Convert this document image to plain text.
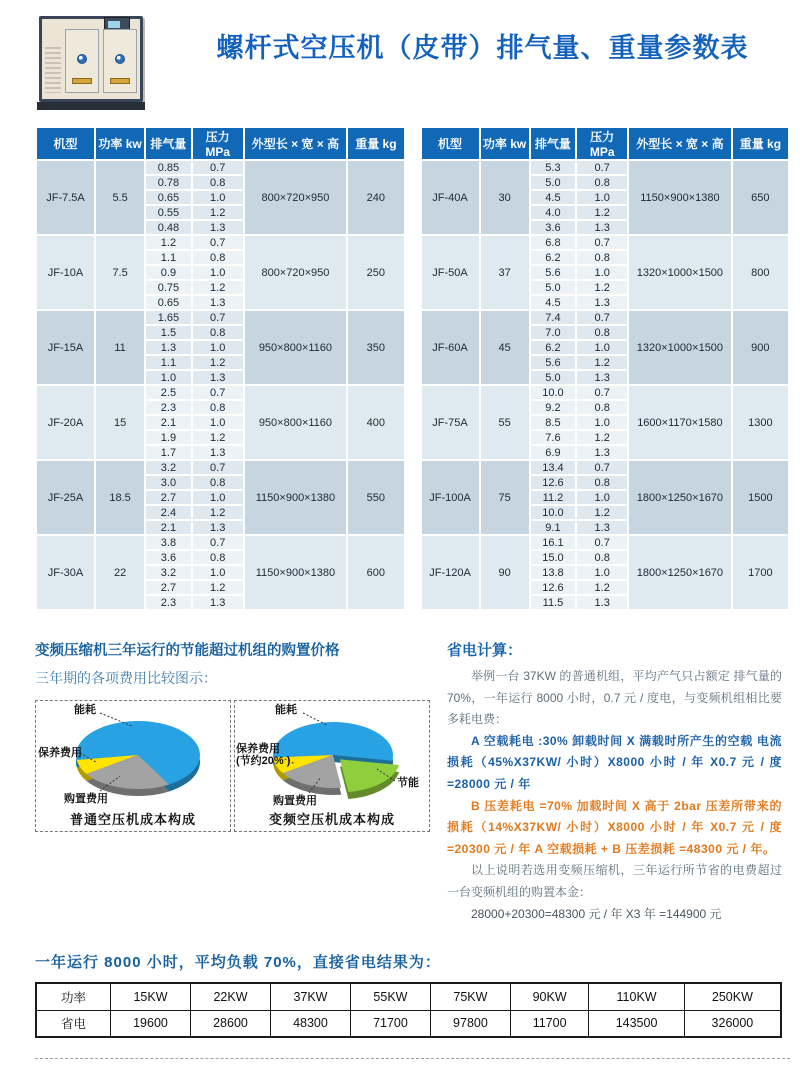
螺杆式空压机（皮带）排气量、重量参数表
机型	功率 kw	排气量	压力 MPa	外型长 × 宽 × 高	重量 kg
JF-7.5A	5.5	0.85	0.7	800×720×950	240
		0.78	0.8		
		0.65	1.0		
		0.55	1.2		
		0.48	1.3		
JF-10A	7.5	1.2	0.7	800×720×950	250
		1.1	0.8		
		0.9	1.0		
		0.75	1.2		
		0.65	1.3		
JF-15A	11	1.65	0.7	950×800×1160	350
		1.5	0.8		
		1.3	1.0		
		1.1	1.2		
		1.0	1.3		
JF-20A	15	2.5	0.7	950×800×1160	400
		2.3	0.8		
		2.1	1.0		
		1.9	1.2		
		1.7	1.3		
JF-25A	18.5	3.2	0.7	1150×900×1380	550
		3.0	0.8		
		2.7	1.0		
		2.4	1.2		
		2.1	1.3		
JF-30A	22	3.8	0.7	1150×900×1380	600
		3.6	0.8		
		3.2	1.0		
		2.7	1.2		
		2.3	1.3		
机型	功率 kw	排气量	压力 MPa	外型长 × 宽 × 高	重量 kg
JF-40A	30	5.3	0.7	1150×900×1380	650
		5.0	0.8		
		4.5	1.0		
		4.0	1.2		
		3.6	1.3		
JF-50A	37	6.8	0.7	1320×1000×1500	800
		6.2	0.8		
		5.6	1.0		
		5.0	1.2		
		4.5	1.3		
JF-60A	45	7.4	0.7	1320×1000×1500	900
		7.0	0.8		
		6.2	1.0		
		5.6	1.2		
		5.0	1.3		
JF-75A	55	10.0	0.7	1600×1170×1580	1300
		9.2	0.8		
		8.5	1.0		
		7.6	1.2		
		6.9	1.3		
JF-100A	75	13.4	0.7	1800×1250×1670	1500
		12.6	0.8		
		11.2	1.0		
		10.0	1.2		
		9.1	1.3		
JF-120A	90	16.1	0.7	1800×1250×1670	1700
		15.0	0.8		
		13.8	1.0		
		12.6	1.2		
		11.5	1.3		
变频压缩机三年运行的节能超过机组的购置价格
三年期的各项费用比较图示：
能耗
保养费用
购置费用
普通空压机成本构成
能耗
保养费用
(节约20% )
购置费用
节能
变频空压机成本构成
省电计算：

举例一台 37KW 的普通机组，平均产气只占额定 排气量的 70%，一年运行 8000 小时，0.7 元 / 度电，与变频机组相比要多耗电费：

A 空载耗电 :30% 卸载时间 X 满载时所产生的空载 电流损耗（45%X37KW/ 小时）X8000 小时 / 年 X0.7 元 / 度 =28000 元 / 年

B 压差耗电 =70% 加载时间 X 高于 2bar 压差所带来的损耗（14%X37KW/ 小时）X8000 小时 / 年 X0.7 元 / 度 =20300 元 / 年 A 空载损耗 + B 压差损耗 =48300 元 / 年。

以上说明若选用变频压缩机，三年运行所节省的电费超过一台变频机组的购置本金：

28000+20300=48300 元 / 年 X3 年 =144900 元

一年运行 8000 小时，平均负载 70%，直接省电结果为：
功率	15KW	22KW	37KW	55KW	75KW	90KW	110KW	250KW
省电	19600	28600	48300	71700	97800	11700	143500	326000
